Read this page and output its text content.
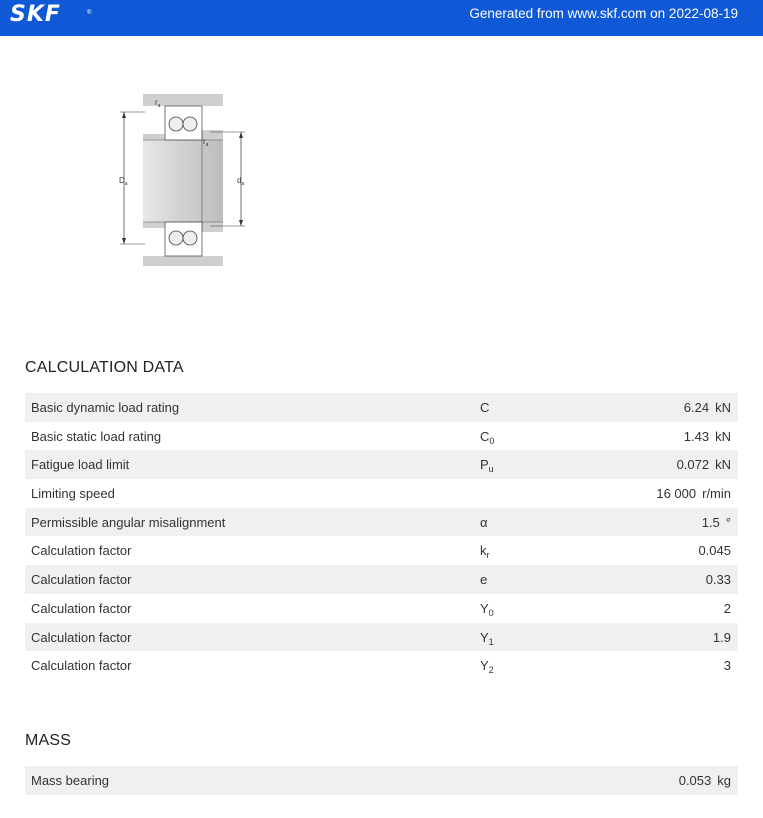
SKF	®	Generated from www.skf.com on 2022-08-19
$r_a$
$r_a$
$D_a$	$d_a$
CALCULATION DATA
Basic dynamic load rating	C	6.24 kN
Basic static load rating	$C_0$	1.43 kN
Fatigue load limit	$P_u$	0.072 kN
Limiting speed	16 000 r/min
Permissible angular misalignment	α	1.5 °
Calculation factor	$k_r$	0.045
Calculation factor	e	0.33
Calculation factor	$Y_0$	2
Calculation factor	$Y_1$	1.9
Calculation factor	$Y_2$	3
MASS
Mass bearing	0.053 kg
